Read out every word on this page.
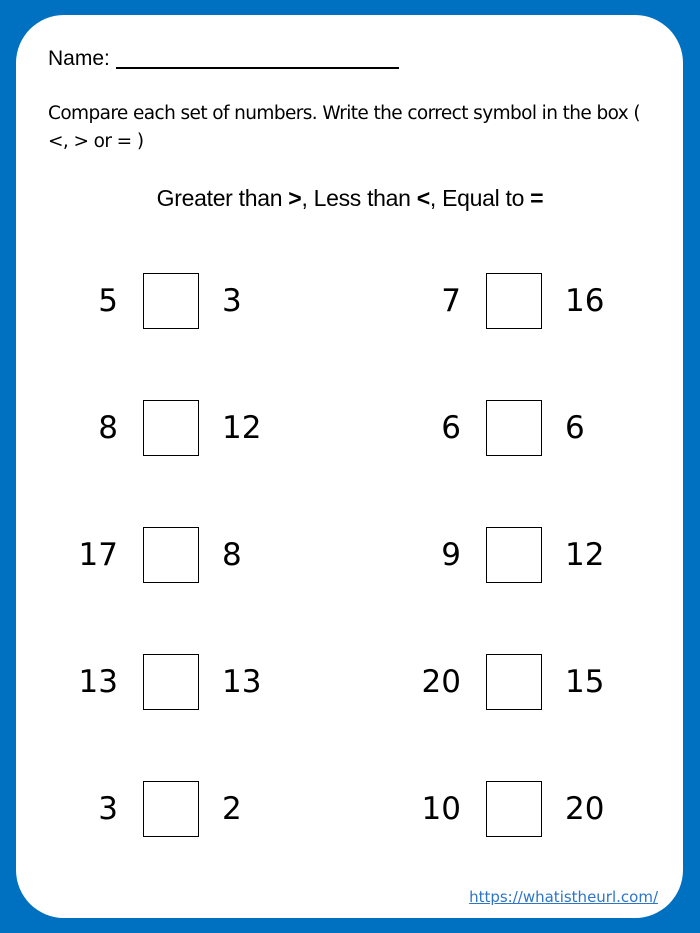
Name:
Compare each set of numbers. Write the correct symbol in the box ( <, > or = )
Greater than >, Less than <, Equal to =
5	3	7	16
8	12	6	6
17	8	9	12
13	13	20	15
3	2	10	20
https://whatistheurl.com/
